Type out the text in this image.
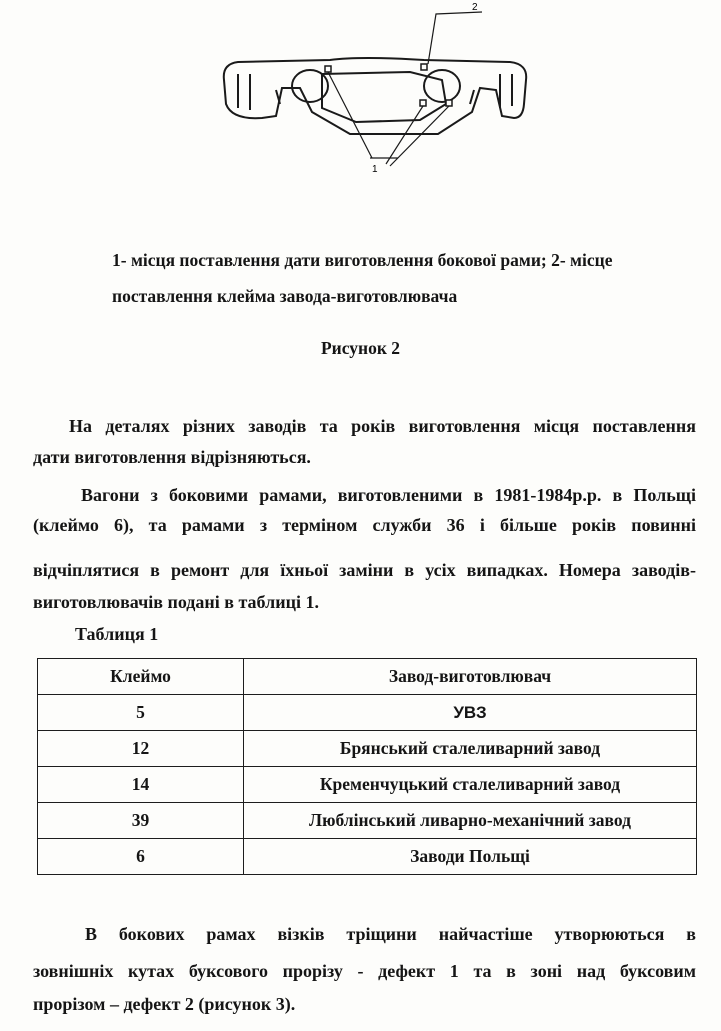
2
1
1- місця поставлення дати виготовлення бокової рами; 2- місце
поставлення клейма завода-виготовлювача
Рисунок 2
На деталях різних заводів та років виготовлення місця поставлення
дати виготовлення відрізняються.
Вагони з боковими рамами, виготовленими в 1981-1984р.р. в Польщі
(клеймо 6), та рамами з терміном служби 36 і більше років повинні
відчіплятися в ремонт для їхньої заміни в усіх випадках. Номера заводів-
виготовлювачів подані в таблиці 1.
Таблиця 1
Клеймо	Завод-виготовлювач
5	УВЗ
12	Брянський сталеливарний завод
14	Кременчуцький сталеливарний завод
39	Люблінський ливарно-механічний завод
6	Заводи Польщі
В бокових рамах візків тріщини найчастіше утворюються в
зовнішніх кутах буксового прорізу - дефект 1 та в зоні над буксовим
прорізом – дефект 2 (рисунок 3).
